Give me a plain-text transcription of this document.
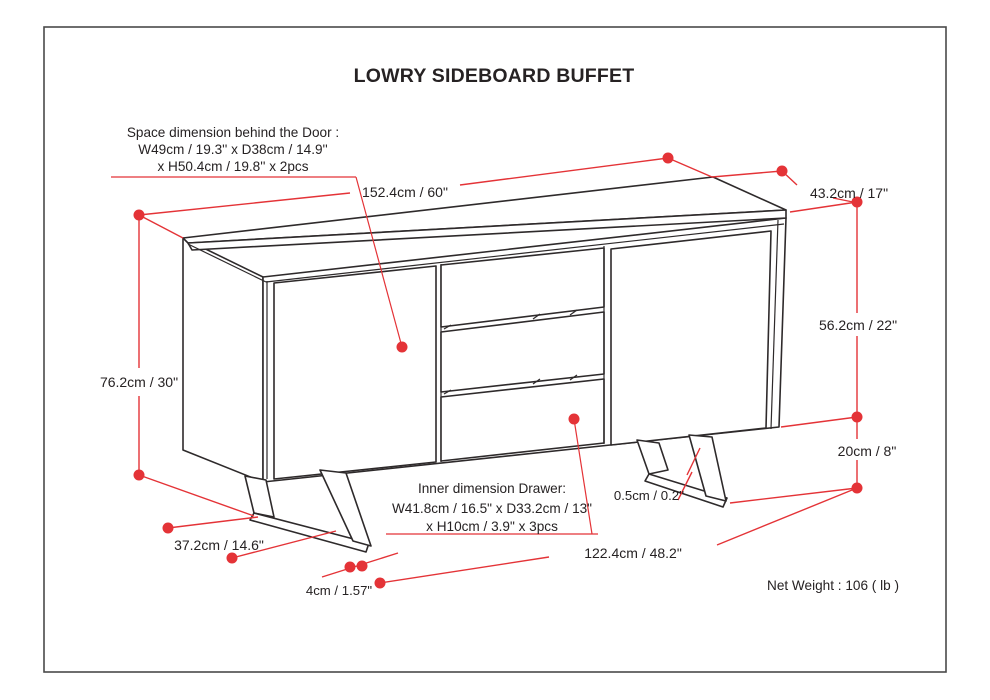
LOWRY SIDEBOARD BUFFET
152.4cm / 60"	43.2cm / 17"
56.2cm / 22"
20cm / 8"
76.2cm / 30"
37.2cm / 14.6"
4cm / 1.57"
122.4cm / 48.2"
0.5cm / 0.2''
Space dimension behind the Door :
W49cm / 19.3'' x D38cm / 14.9''
x H50.4cm / 19.8'' x 2pcs
Inner dimension Drawer:
W41.8cm / 16.5" x D33.2cm / 13"
x H10cm / 3.9" x 3pcs
Net Weight : 106 ( lb )
